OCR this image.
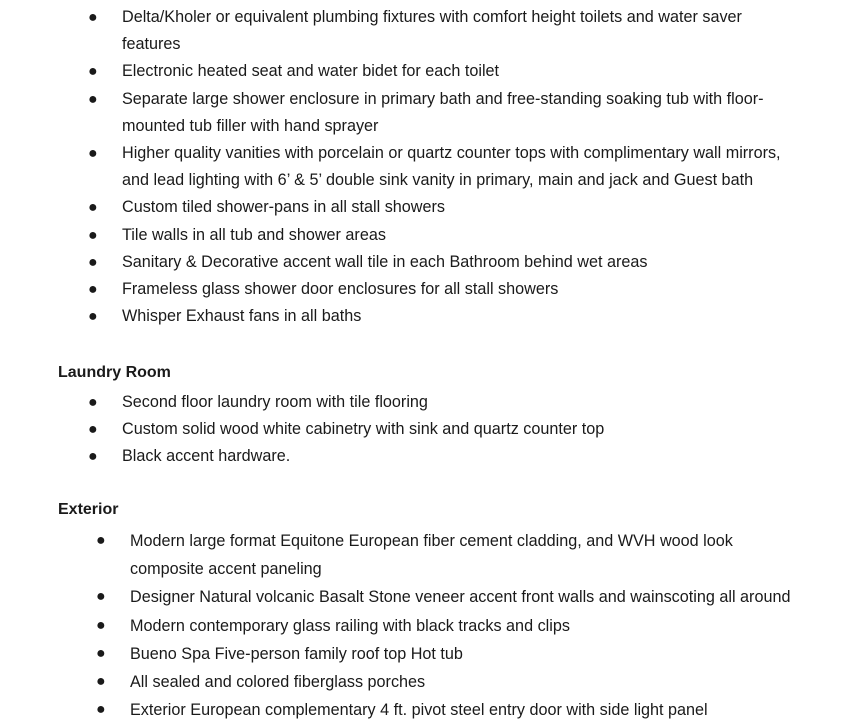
● Delta/Kholer or equivalent plumbing fixtures with comfort height toilets and water saver
features
● Electronic heated seat and water bidet for each toilet
● Separate large shower enclosure in primary bath and free-standing soaking tub with floor-
mounted tub filler with hand sprayer
● Higher quality vanities with porcelain or quartz counter tops with complimentary wall mirrors,
and lead lighting with 6’ & 5’ double sink vanity in primary, main and jack and Guest bath
● Custom tiled shower-pans in all stall showers
● Tile walls in all tub and shower areas
● Sanitary & Decorative accent wall tile in each Bathroom behind wet areas
● Frameless glass shower door enclosures for all stall showers
● Whisper Exhaust fans in all baths
Laundry Room
● Second floor laundry room with tile flooring
● Custom solid wood white cabinetry with sink and quartz counter top
● Black accent hardware.
Exterior
● Modern large format Equitone European fiber cement cladding, and WVH wood look
composite accent paneling
● Designer Natural volcanic Basalt Stone veneer accent front walls and wainscoting all around
● Modern contemporary glass railing with black tracks and clips
● Bueno Spa Five-person family roof top Hot tub
● All sealed and colored fiberglass porches
● Exterior European complementary 4 ft. pivot steel entry door with side light panel
